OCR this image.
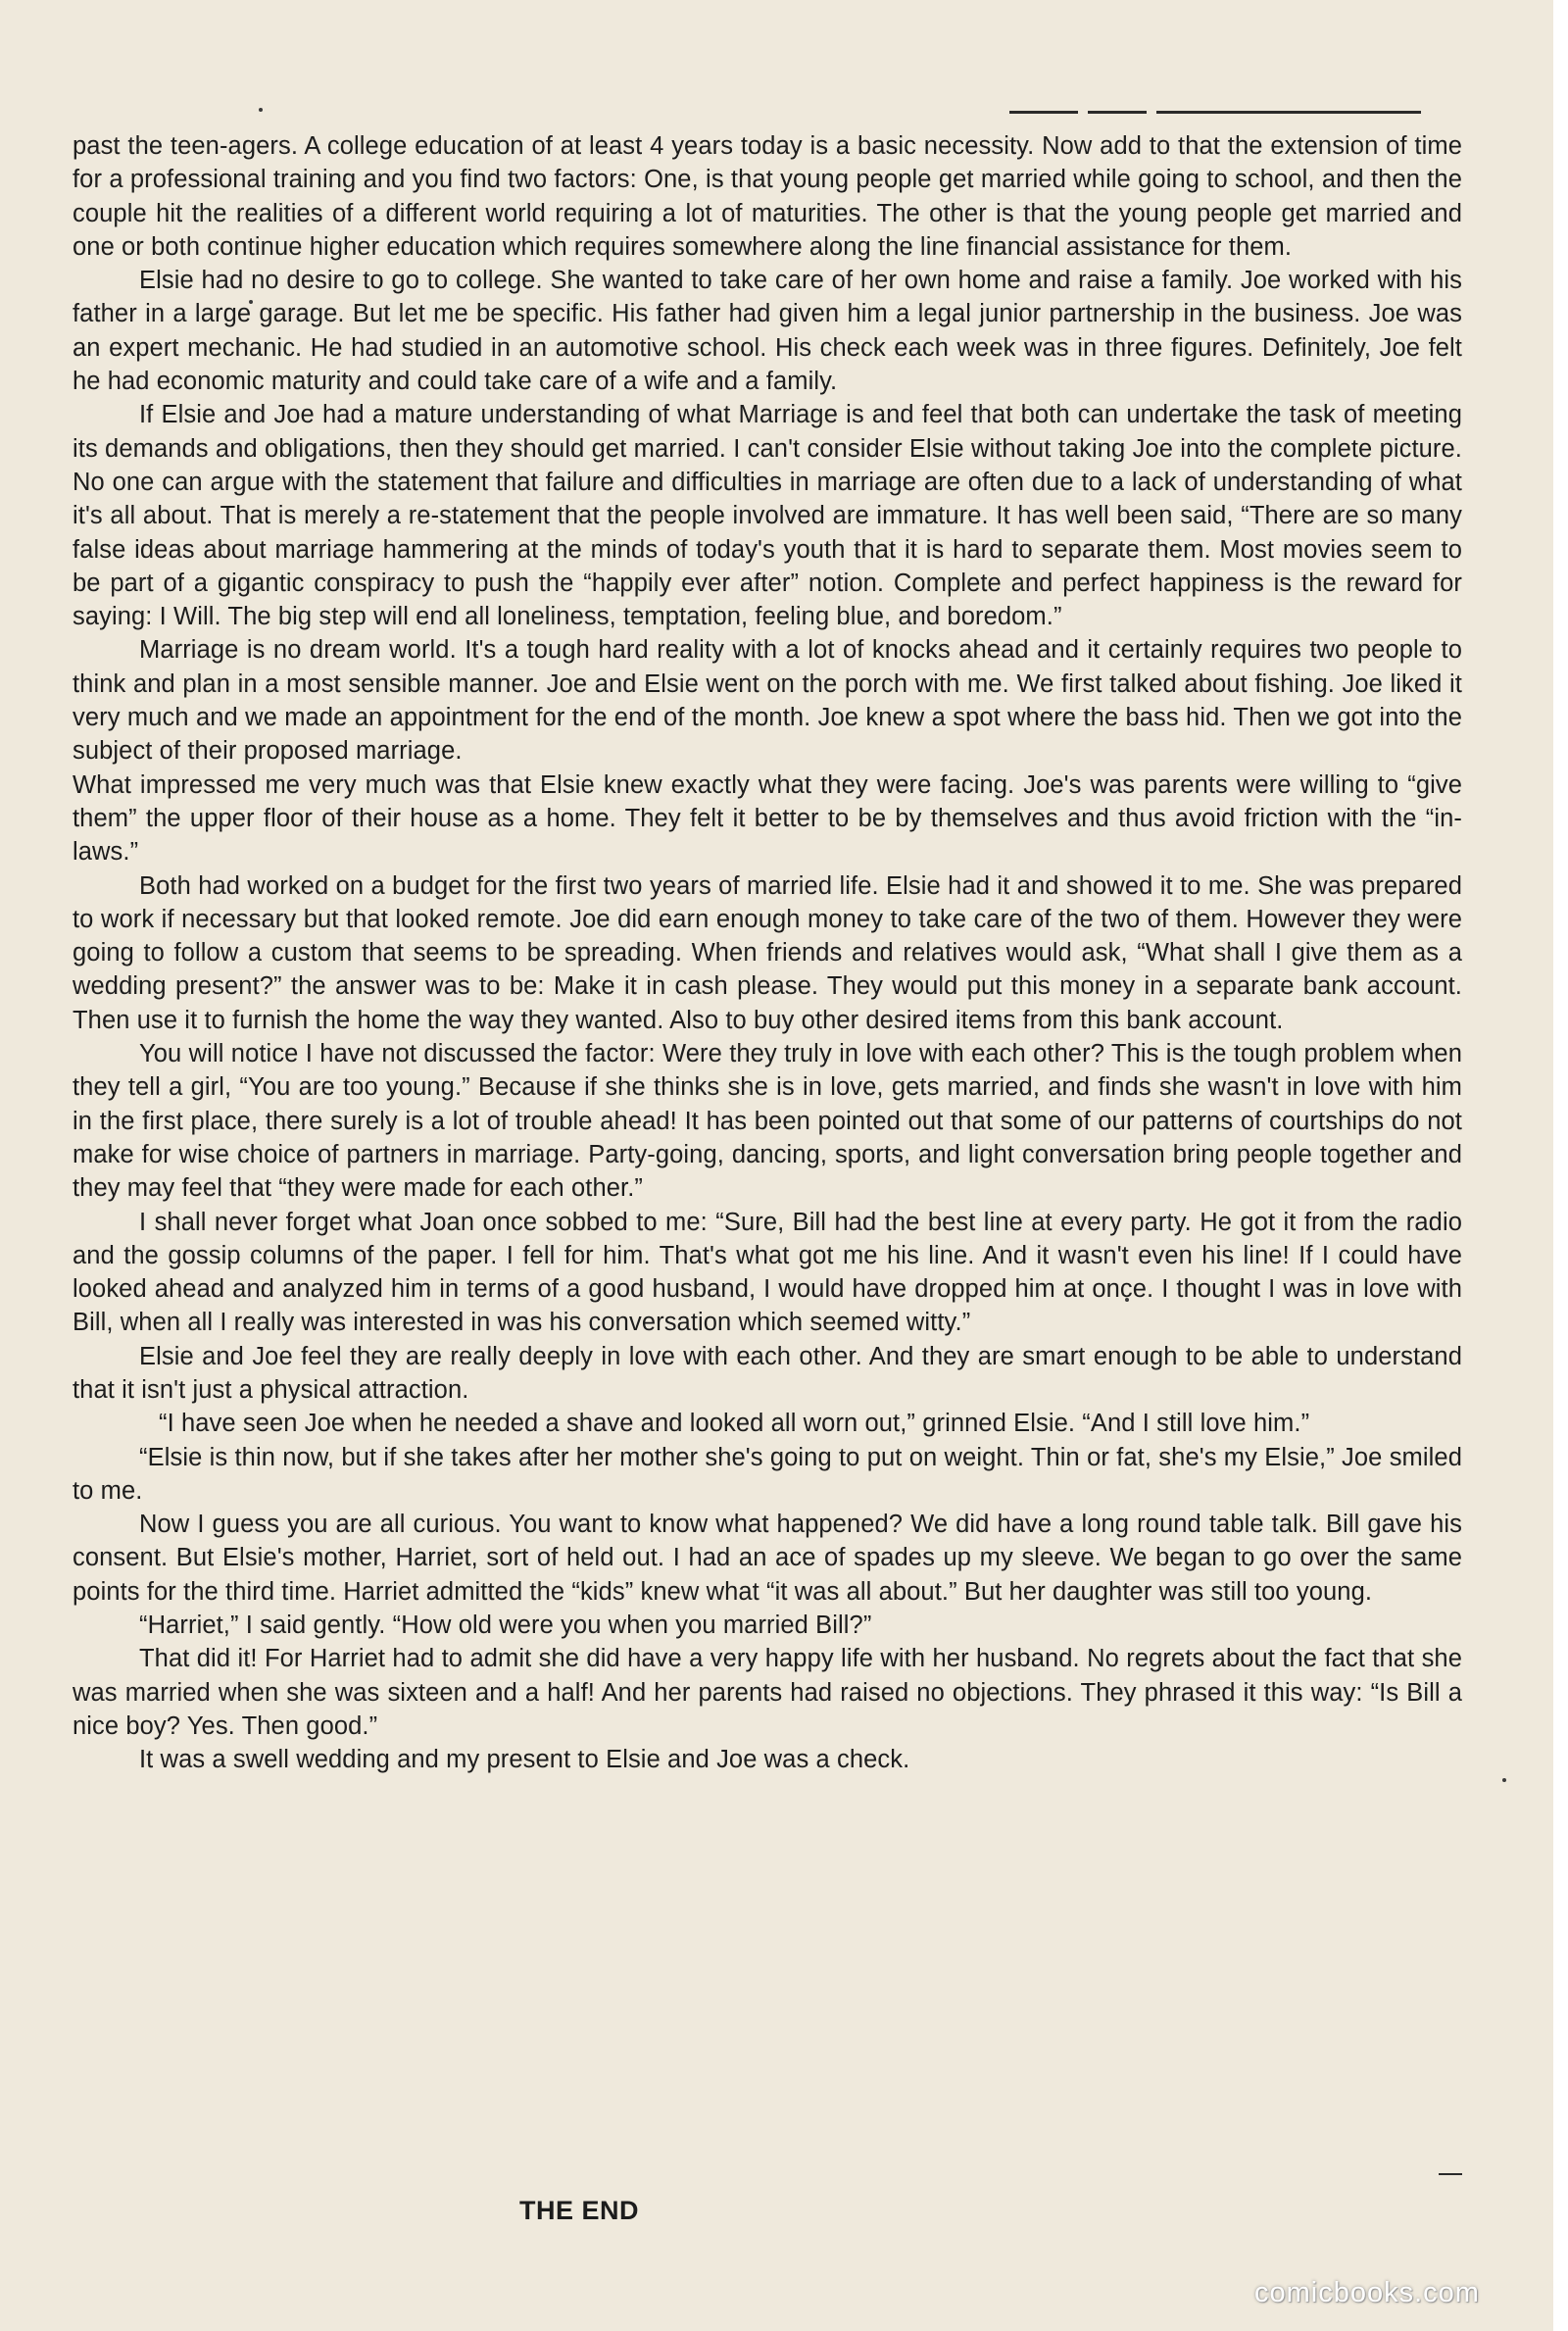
past the teen-agers. A college education of at least 4 years today is a basic necessity. Now add to that the extension of time for a professional training and you find two factors: One, is that young people get married while going to school, and then the couple hit the realities of a different world requiring a lot of maturities. The other is that the young people get married and one or both continue higher education which requires somewhere along the line financial assistance for them.

Elsie had no desire to go to college. She wanted to take care of her own home and raise a family. Joe worked with his father in a large garage. But let me be specific. His father had given him a legal junior partnership in the business. Joe was an expert mechanic. He had studied in an automotive school. His check each week was in three figures. Definitely, Joe felt he had economic maturity and could take care of a wife and a family.

If Elsie and Joe had a mature understanding of what Marriage is and feel that both can undertake the task of meeting its demands and obligations, then they should get married. I can't consider Elsie without taking Joe into the complete picture. No one can argue with the statement that failure and difficulties in marriage are often due to a lack of understanding of what it's all about. That is merely a re-statement that the people involved are immature. It has well been said, “There are so many false ideas about marriage hammering at the minds of today's youth that it is hard to separate them. Most movies seem to be part of a gigantic conspiracy to push the “happily ever after” notion. Complete and perfect happiness is the reward for saying: I Will. The big step will end all loneliness, temptation, feeling blue, and boredom.”

Marriage is no dream world. It's a tough hard reality with a lot of knocks ahead and it certainly requires two people to think and plan in a most sensible manner. Joe and Elsie went on the porch with me. We first talked about fishing. Joe liked it very much and we made an appointment for the end of the month. Joe knew a spot where the bass hid. Then we got into the subject of their proposed marriage.

What impressed me very much was that Elsie knew exactly what they were facing. Joe's was parents were willing to “give them” the upper floor of their house as a home. They felt it better to be by themselves and thus avoid friction with the “in-laws.”

Both had worked on a budget for the first two years of married life. Elsie had it and showed it to me. She was prepared to work if necessary but that looked remote. Joe did earn enough money to take care of the two of them. However they were going to follow a custom that seems to be spreading. When friends and relatives would ask, “What shall I give them as a wedding present?” the answer was to be: Make it in cash please. They would put this money in a separate bank account. Then use it to furnish the home the way they wanted. Also to buy other desired items from this bank account.

You will notice I have not discussed the factor: Were they truly in love with each other? This is the tough problem when they tell a girl, “You are too young.” Because if she thinks she is in love, gets married, and finds she wasn't in love with him in the first place, there surely is a lot of trouble ahead! It has been pointed out that some of our patterns of courtships do not make for wise choice of partners in marriage. Party-going, dancing, sports, and light conversation bring people together and they may feel that “they were made for each other.”

I shall never forget what Joan once sobbed to me: “Sure, Bill had the best line at every party. He got it from the radio and the gossip columns of the paper. I fell for him. That's what got me his line. And it wasn't even his line! If I could have looked ahead and analyzed him in terms of a good husband, I would have dropped him at once. I thought I was in love with Bill, when all I really was interested in was his conversation which seemed witty.”

Elsie and Joe feel they are really deeply in love with each other. And they are smart enough to be able to understand that it isn't just a physical attraction.

“I have seen Joe when he needed a shave and looked all worn out,” grinned Elsie. “And I still love him.”

“Elsie is thin now, but if she takes after her mother she's going to put on weight. Thin or fat, she's my Elsie,” Joe smiled to me.

Now I guess you are all curious. You want to know what happened? We did have a long round table talk. Bill gave his consent. But Elsie's mother, Harriet, sort of held out. I had an ace of spades up my sleeve. We began to go over the same points for the third time. Harriet admitted the “kids” knew what “it was all about.” But her daughter was still too young.

“Harriet,” I said gently. “How old were you when you married Bill?”

That did it! For Harriet had to admit she did have a very happy life with her husband. No regrets about the fact that she was married when she was sixteen and a half! And her parents had raised no objections. They phrased it this way: “Is Bill a nice boy? Yes. Then good.”

It was a swell wedding and my present to Elsie and Joe was a check.

THE END
comicbooks.com
